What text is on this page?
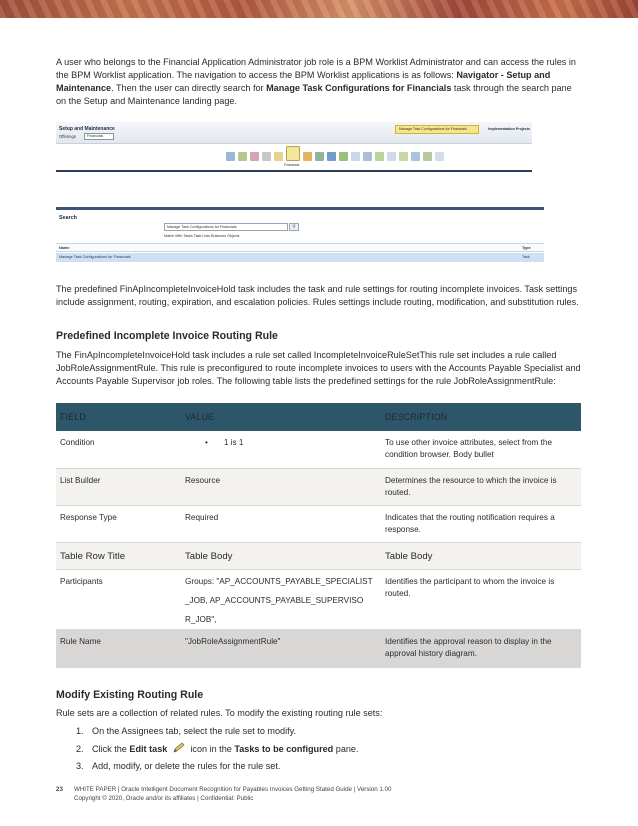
A user who belongs to the Financial Application Administrator job role is a BPM Worklist Administrator and can access the rules in the BPM Worklist application. The navigation to access the BPM Worklist applications is as follows: Navigator - Setup and Maintenance. Then the user can directly search for Manage Task Configurations for Financials task through the search pane on the Setup and Maintenance landing page.

Setup and Maintenance
Offerings	Financials
Manage Task Configurations for Financials	Implementation Projects
Financials
Search
Manage Task Configurations for Financials	⚲
Match With Tasks Task Lists Business Objects
Name	Type
Manage Task Configurations for Financials	Task

The predefined FinApIncompleteInvoiceHold task includes the task and rule settings for routing incomplete invoices. Task settings include assignment, routing, expiration, and escalation policies. Rules settings include routing, modification, and substitution rules.

Predefined Incomplete Invoice Routing Rule

The FinApIncompleteInvoiceHold task includes a rule set called IncompleteInvoiceRuleSetThis rule set includes a rule called JobRoleAssignmentRule. This rule is preconfigured to route incomplete invoices to users with the Accounts Payable Specialist and Accounts Payable Supervisor job roles. The following table lists the predefined settings for the rule JobRoleAssignmentRule:

FIELD	VALUE	DESCRIPTION
Condition	• 1 is 1	To use other invoice attributes, select from the condition browser. Body bullet
List Builder	Resource	Determines the resource to which the invoice is routed.
Response Type	Required	Indicates that the routing notification requires a response.
Table Row Title	Table Body	Table Body
Participants	Groups: "AP_ACCOUNTS_PAYABLE_SPECIALIST
_JOB, AP_ACCOUNTS_PAYABLE_SUPERVISO
R_JOB",	Identifies the participant to whom the invoice is routed.
Rule Name	"JobRoleAssignmentRule"	Identifies the approval reason to display in the approval history diagram.
Modify Existing Routing Rule

Rule sets are a collection of related rules. To modify the existing routing rule sets:

1. On the Assignees tab, select the rule set to modify.
2. Click the Edit task  icon in the Tasks to be configured pane.
3. Add, modify, or delete the rules for the rule set.
23 WHITE PAPER | Oracle Intelligent Document Recognition for Payables Invoices Getting Stated Guide | Version 1.00
Copyright © 2020, Oracle and/or its affiliates | Confidential: Public
